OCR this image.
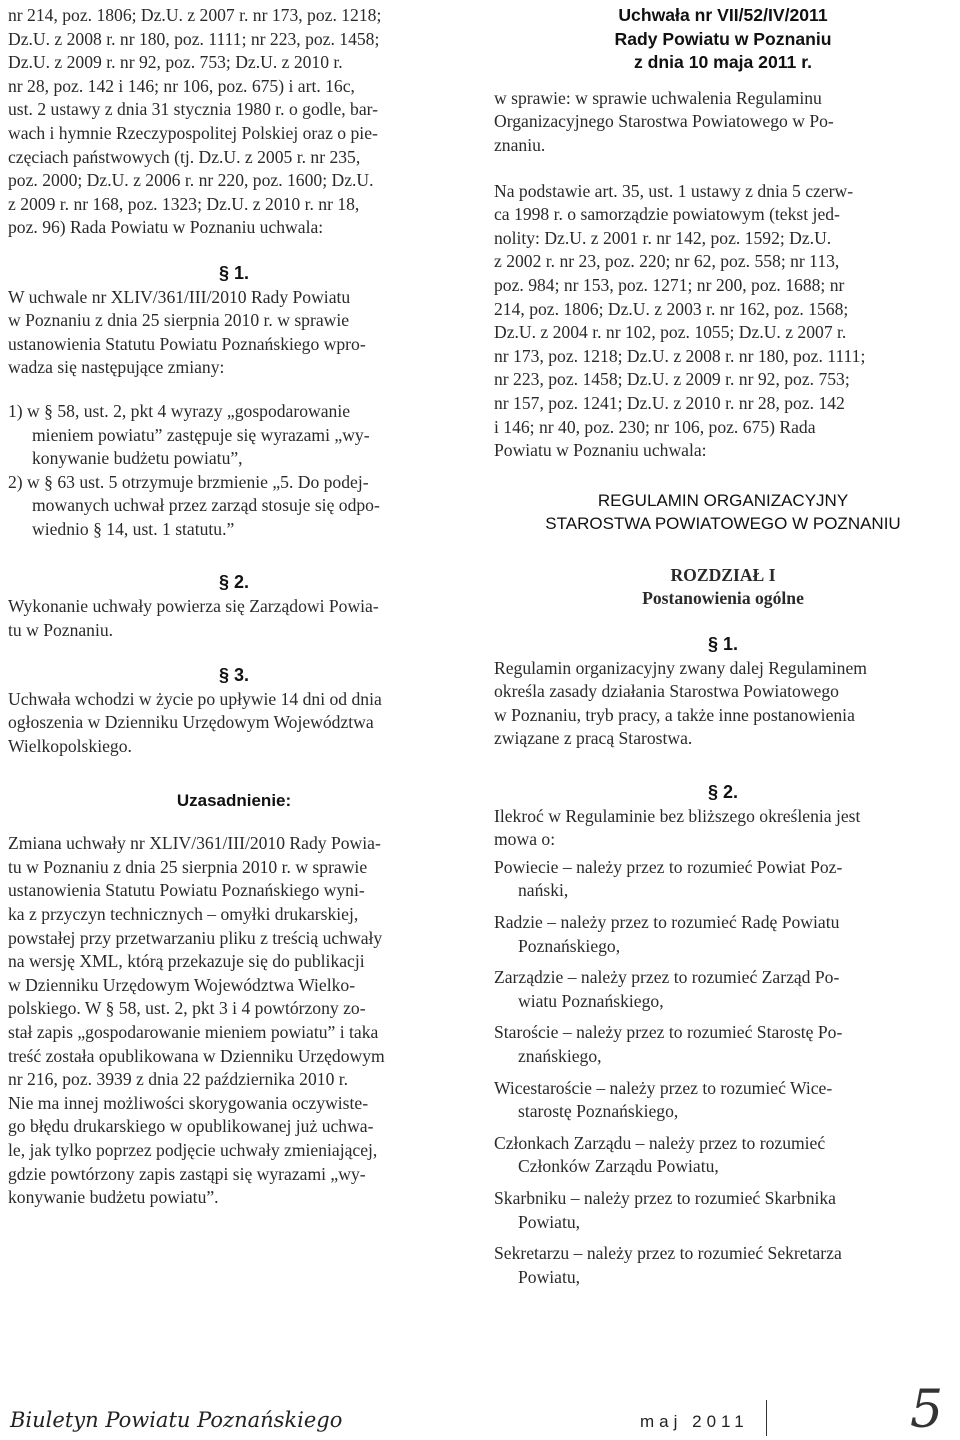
nr 214, poz. 1806; Dz.U. z 2007 r. nr 173, poz. 1218;

Dz.U. z 2008 r. nr 180, poz. 1111; nr 223, poz. 1458;

Dz.U. z 2009 r. nr 92, poz. 753; Dz.U. z 2010 r.

nr 28, poz. 142 i 146; nr 106, poz. 675) i art. 16c,

ust. 2 ustawy z dnia 31 stycznia 1980 r. o godle, bar-

wach i hymnie Rzeczypospolitej Polskiej oraz o pie-

częciach państwowych (tj. Dz.U. z 2005 r. nr 235,

poz. 2000; Dz.U. z 2006 r. nr 220, poz. 1600; Dz.U.

z 2009 r. nr 168, poz. 1323; Dz.U. z 2010 r. nr 18,

poz. 96) Rada Powiatu w Poznaniu uchwala:

§ 1.

W uchwale nr XLIV/361/III/2010 Rady Powiatu

w Poznaniu z dnia 25 sierpnia 2010 r. w sprawie

ustanowienia Statutu Powiatu Poznańskiego wpro-

wadza się następujące zmiany:

1) w § 58, ust. 2, pkt 4 wyrazy „gospodarowanie

mieniem powiatu” zastępuje się wyrazami „wy-

konywanie budżetu powiatu”,

2) w § 63 ust. 5 otrzymuje brzmienie „5. Do podej-

mowanych uchwał przez zarząd stosuje się odpo-

wiednio § 14, ust. 1 statutu.”

§ 2.

Wykonanie uchwały powierza się Zarządowi Powia-

tu w Poznaniu.

§ 3.

Uchwała wchodzi w życie po upływie 14 dni od dnia

ogłoszenia w Dzienniku Urzędowym Województwa

Wielkopolskiego.

Uzasadnienie:

Zmiana uchwały nr XLIV/361/III/2010 Rady Powia-

tu w Poznaniu z dnia 25 sierpnia 2010 r. w sprawie

ustanowienia Statutu Powiatu Poznańskiego wyni-

ka z przyczyn technicznych – omyłki drukarskiej,

powstałej przy przetwarzaniu pliku z treścią uchwały

na wersję XML, którą przekazuje się do publikacji

w Dzienniku Urzędowym Województwa Wielko-

polskiego. W § 58, ust. 2, pkt 3 i 4 powtórzony zo-

stał zapis „gospodarowanie mieniem powiatu” i taka

treść została opublikowana w Dzienniku Urzędowym

nr 216, poz. 3939 z dnia 22 października 2010 r.

Nie ma innej możliwości skorygowania oczywiste-

go błędu drukarskiego w opublikowanej już uchwa-

le, jak tylko poprzez podjęcie uchwały zmieniającej,

gdzie powtórzony zapis zastąpi się wyrazami „wy-

konywanie budżetu powiatu”.

Uchwała nr VII/52/IV/2011

Rady Powiatu w Poznaniu

z dnia 10 maja 2011 r.

w sprawie: w sprawie uchwalenia Regulaminu

Organizacyjnego Starostwa Powiatowego w Po-

znaniu.

Na podstawie art. 35, ust. 1 ustawy z dnia 5 czerw-

ca 1998 r. o samorządzie powiatowym (tekst jed-

nolity: Dz.U. z 2001 r. nr 142, poz. 1592; Dz.U.

z 2002 r. nr 23, poz. 220; nr 62, poz. 558; nr 113,

poz. 984; nr 153, poz. 1271; nr 200, poz. 1688; nr

214, poz. 1806; Dz.U. z 2003 r. nr 162, poz. 1568;

Dz.U. z 2004 r. nr 102, poz. 1055; Dz.U. z 2007 r.

nr 173, poz. 1218; Dz.U. z 2008 r. nr 180, poz. 1111;

nr 223, poz. 1458; Dz.U. z 2009 r. nr 92, poz. 753;

nr 157, poz. 1241; Dz.U. z 2010 r. nr 28, poz. 142

i 146; nr 40, poz. 230; nr 106, poz. 675) Rada

Powiatu w Poznaniu uchwala:

REGULAMIN ORGANIZACYJNY

STAROSTWA POWIATOWEGO W POZNANIU

ROZDZIAŁ I

Postanowienia ogólne

§ 1.

Regulamin organizacyjny zwany dalej Regulaminem

określa zasady działania Starostwa Powiatowego

w Poznaniu, tryb pracy, a także inne postanowienia

związane z pracą Starostwa.

§ 2.

Ilekroć w Regulaminie bez bliższego określenia jest

mowa o:

Powiecie – należy przez to rozumieć Powiat Poz-

nański,

Radzie – należy przez to rozumieć Radę Powiatu

Poznańskiego,

Zarządzie – należy przez to rozumieć Zarząd Po-

wiatu Poznańskiego,

Staroście – należy przez to rozumieć Starostę Po-

znańskiego,

Wicestaroście – należy przez to rozumieć Wice-

starostę Poznańskiego,

Członkach Zarządu – należy przez to rozumieć

Członków Zarządu Powiatu,

Skarbniku – należy przez to rozumieć Skarbnika

Powiatu,

Sekretarzu – należy przez to rozumieć Sekretarza

Powiatu,

Biuletyn Powiatu Poznańskiego	maj 2011	5
